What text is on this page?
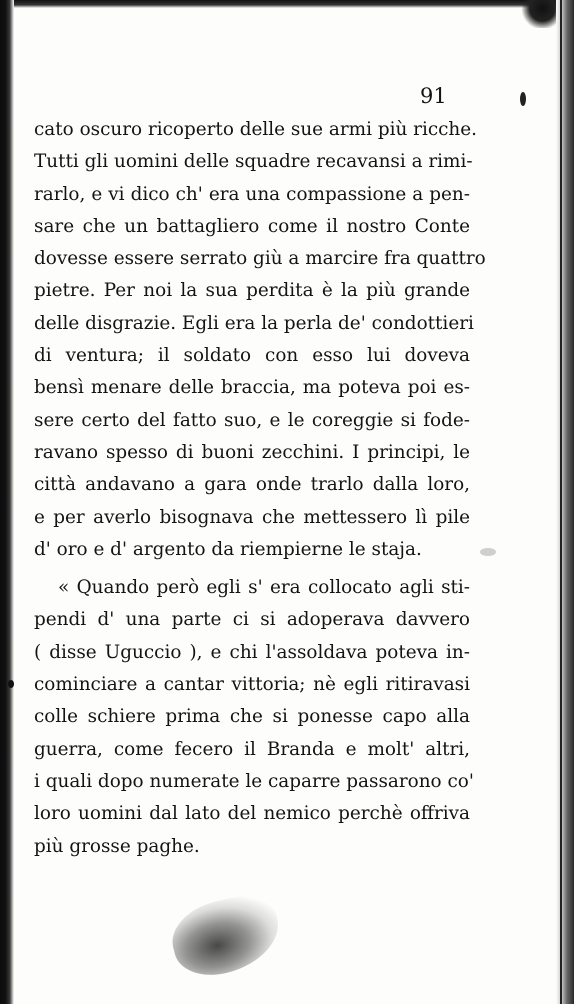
91
cato oscuro ricoperto delle sue armi più ricche.
Tutti gli uomini delle squadre recavansi a rimi-
rarlo, e vi dico ch' era una compassione a pen-
sare che un battagliero come il nostro Conte
dovesse essere serrato giù a marcire fra quattro
pietre. Per noi la sua perdita è la più grande
delle disgrazie. Egli era la perla de' condottieri
di ventura; il soldato con esso lui doveva
bensì menare delle braccia, ma poteva poi es-
sere certo del fatto suo, e le coreggie si fode-
ravano spesso di buoni zecchini. I principi, le
città andavano a gara onde trarlo dalla loro,
e per averlo bisognava che mettessero lì pile
d' oro e d' argento da riempierne le staja.
« Quando però egli s' era collocato agli sti-
pendi d' una parte ci si adoperava davvero
( disse Uguccio ), e chi l'assoldava poteva in-
cominciare a cantar vittoria; nè egli ritiravasi
colle schiere prima che si ponesse capo alla
guerra, come fecero il Branda e molt' altri,
i quali dopo numerate le caparre passarono co'
loro uomini dal lato del nemico perchè offriva
più grosse paghe.
